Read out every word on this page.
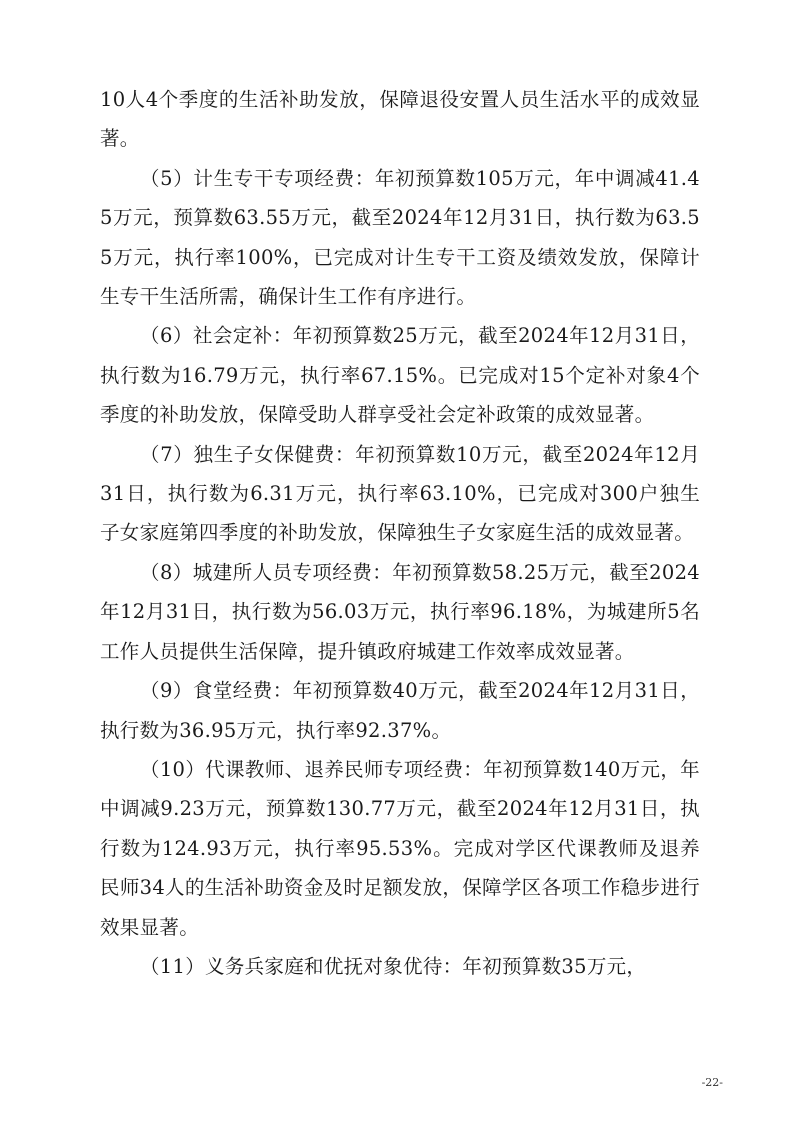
10人4个季度的生活补助发放，保障退役安置人员生活水平的成效显著。

（5）计生专干专项经费：年初预算数105万元，年中调减41.45万元，预算数63.55万元，截至2024年12月31日，执行数为63.55万元，执行率100%，已完成对计生专干工资及绩效发放，保障计生专干生活所需，确保计生工作有序进行。

（6）社会定补：年初预算数25万元，截至2024年12月31日，执行数为16.79万元，执行率67.15%。已完成对15个定补对象4个季度的补助发放，保障受助人群享受社会定补政策的成效显著。

（7）独生子女保健费：年初预算数10万元，截至2024年12月31日，执行数为6.31万元，执行率63.10%，已完成对300户独生子女家庭第四季度的补助发放，保障独生子女家庭生活的成效显著。

（8）城建所人员专项经费：年初预算数58.25万元，截至2024年12月31日，执行数为56.03万元，执行率96.18%，为城建所5名工作人员提供生活保障，提升镇政府城建工作效率成效显著。

（9）食堂经费：年初预算数40万元，截至2024年12月31日，执行数为36.95万元，执行率92.37%。

（10）代课教师、退养民师专项经费：年初预算数140万元，年中调减9.23万元，预算数130.77万元，截至2024年12月31日，执行数为124.93万元，执行率95.53%。完成对学区代课教师及退养民师34人的生活补助资金及时足额发放，保障学区各项工作稳步进行效果显著。

（11）义务兵家庭和优抚对象优待：年初预算数35万元，

-22-
